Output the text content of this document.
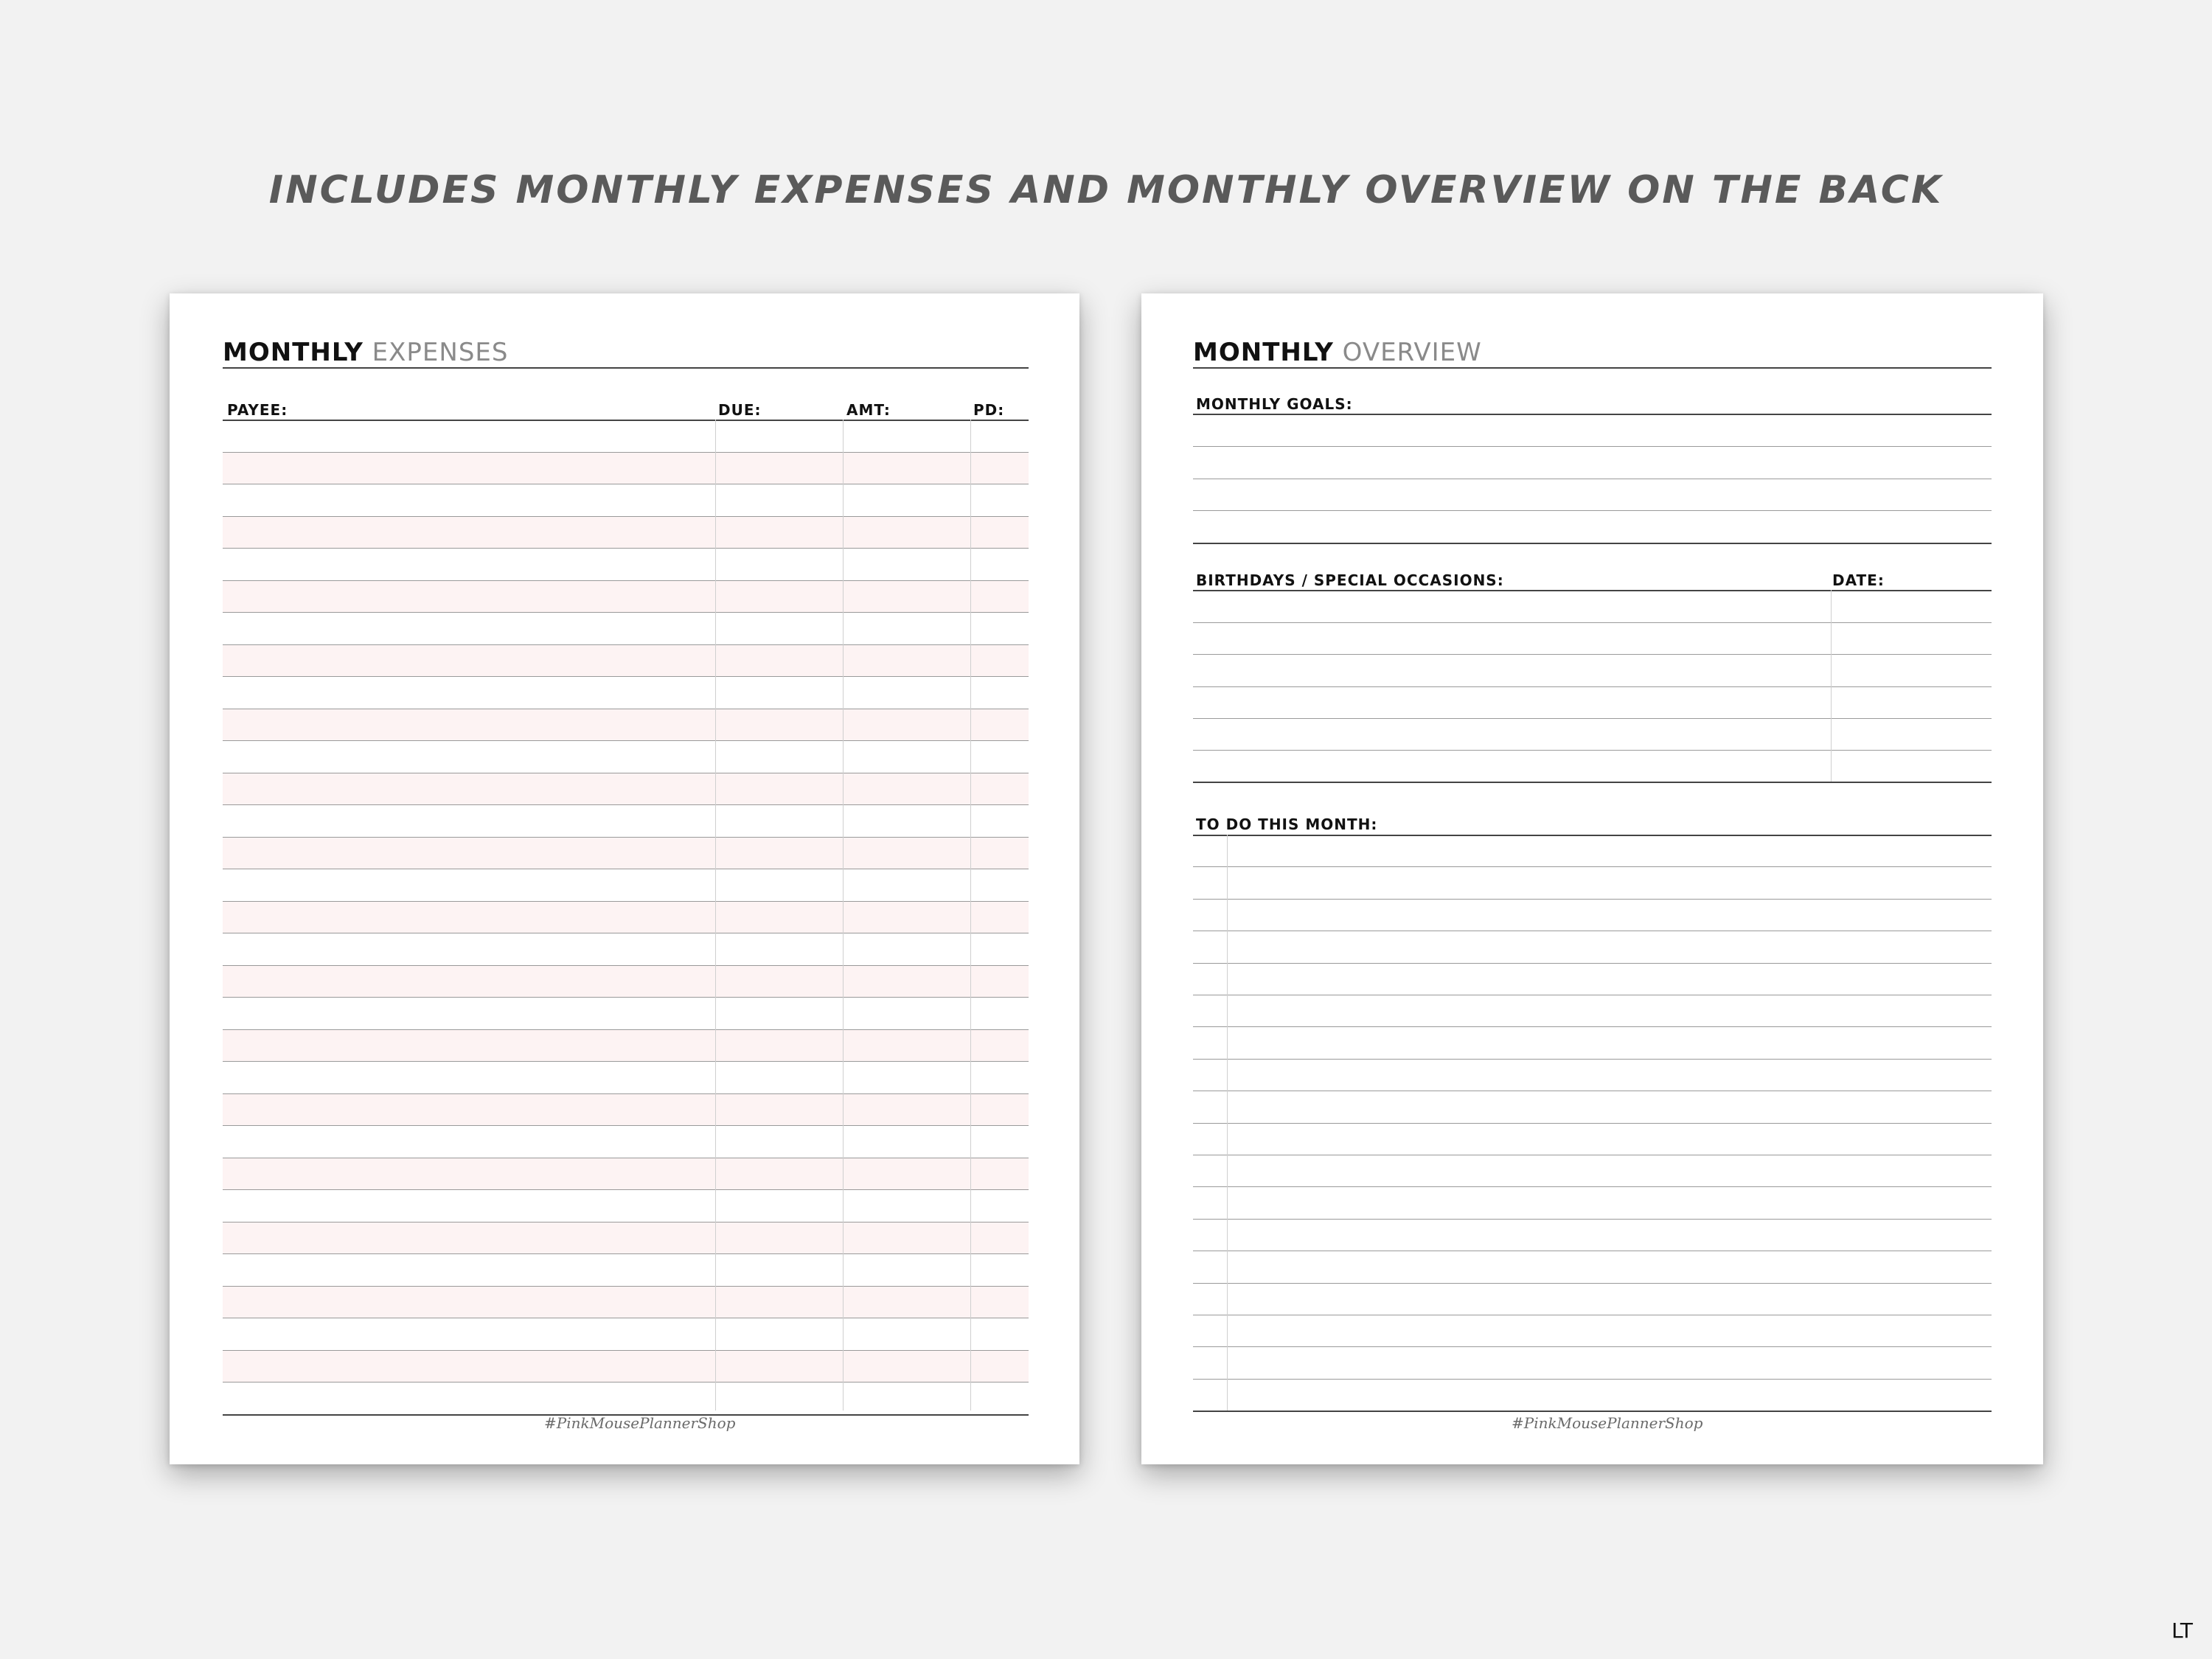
INCLUDES MONTHLY EXPENSES AND MONTHLY OVERVIEW ON THE BACK
MONTHLY EXPENSES
PAYEE:	DUE:	AMT:	PD:
#PinkMousePlannerShop
MONTHLY OVERVIEW
MONTHLY GOALS:
BIRTHDAYS / SPECIAL OCCASIONS:	DATE:
TO DO THIS MONTH:
#PinkMousePlannerShop
LT
